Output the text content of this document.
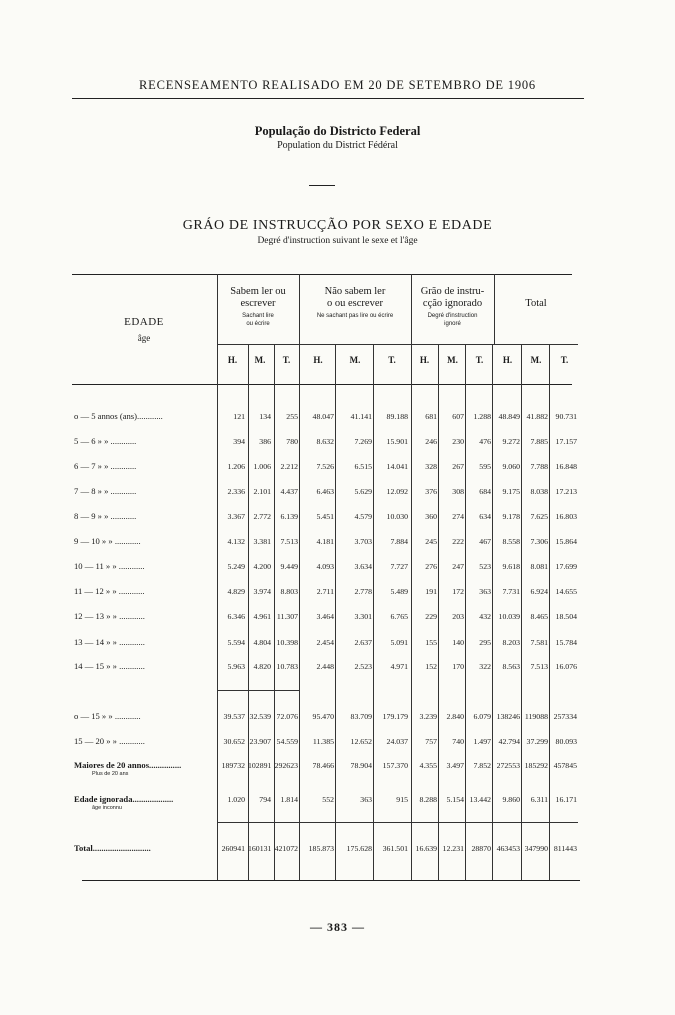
RECENSEAMENTO REALISADO EM 20 DE SETEMBRO DE 1906
População do Districto Federal
Population du District Fédéral
GRÁO DE INSTRUCÇÃO POR SEXO E EDADE
Degré d'instruction suivant le sexe et l'âge
EDADE
âge
Sabem ler ou
escrever
Sachant lire
ou écrire
Não sabem ler
o ou escrever
Ne sachant pas lire ou écrire
Grão de instru-
cção ignorado
Degré d'instruction
ignoré
Total
H.	M.	T.	H.	M.	T.	H.	M.	T.	H.	M.	T.
o — 5 annos (ans)............	121	134	255	48.047	41.141	89.188	681	607	1.288 48.849 41.882 90.731
5 — 6 » » ............	394	386	780	8.632	7.269	15.901	246	230	476	9.272	7.885 17.157
6 — 7 » » ............	1.206	1.006	2.212	7.526	6.515	14.041	328	267	595	9.060	7.788 16.848
7 — 8 » » ............	2.336	2.101	4.437	6.463	5.629	12.092	376	308	684	9.175	8.038 17.213
8 — 9 » » ............	3.367	2.772	6.139	5.451	4.579	10.030	360	274	634	9.178	7.625 16.803
9 — 10 » » ............	4.132	3.381	7.513	4.181	3.703	7.884	245	222	467	8.558	7.306 15.864
10 — 11 » » ............	5.249	4.200	9.449	4.093	3.634	7.727	276	247	523	9.618	8.081 17.699
11 — 12 » » ............	4.829	3.974	8.803	2.711	2.778	5.489	191	172	363	7.731	6.924 14.655
12 — 13 » » ............	6.346	4.961 11.307	3.464	3.301	6.765	229	203	432 10.039	8.465 18.504
13 — 14 » » ............	5.594	4.804 10.398	2.454	2.637	5.091	155	140	295	8.203	7.581 15.784
14 — 15 » » ............	5.963	4.820 10.783	2.448	2.523	4.971	152	170	322	8.563	7.513 16.076
o — 15 » » ............	39.537 32.539 72.076	95.470	83.709	179.179	3.239	2.840	6.079 138246 119088 257334
15 — 20 » » ............	30.652 23.907 54.559	11.385	12.652	24.037	757	740	1.497 42.794 37.299 80.093
Maiores de 20 annos...............
Plus de 20 ans
189732 102891 292623	78.466	78.904	157.370	4.355	3.497	7.852 272553 185292 457845
Edade ignorada...................
âge inconnu
1.020	794	1.814	552	363	915	8.288	5.154 13.442	9.860	6.311 16.171
Total...........................	260941 160131 421072	185.873	175.628	361.501 16.639 12.231 28870 463453 347990 811443
— 383 —
